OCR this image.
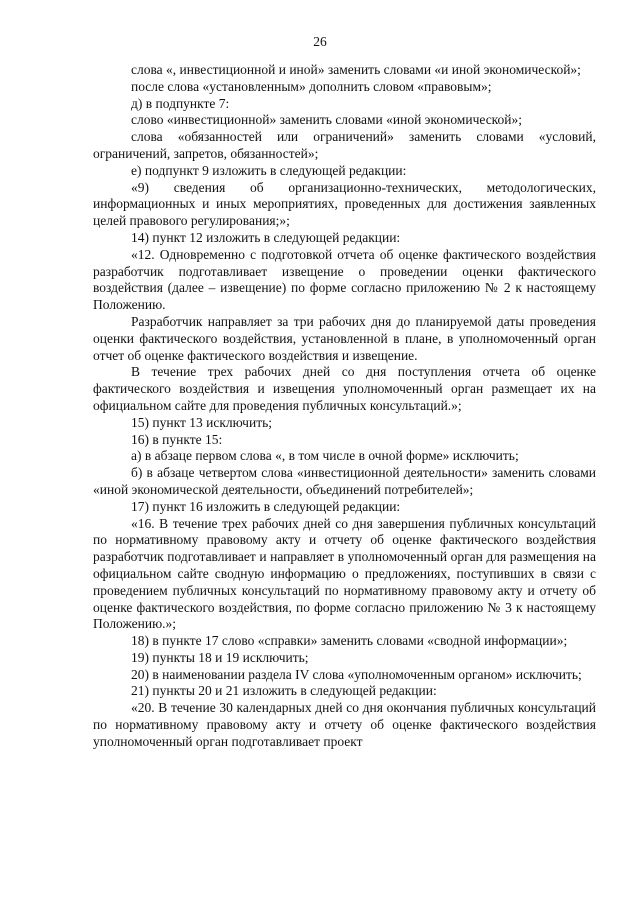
26

слова «, инвестиционной и иной» заменить словами «и иной экономической»;

после слова «установленным» дополнить словом «правовым»;

д) в подпункте 7:

слово «инвестиционной» заменить словами «иной экономической»;

слова «обязанностей или ограничений» заменить словами «условий, ограничений, запретов, обязанностей»;

е) подпункт 9 изложить в следующей редакции:

«9) сведения об организационно-технических, методологических, информационных и иных мероприятиях, проведенных для достижения заявленных целей правового регулирования;»;

14) пункт 12 изложить в следующей редакции:

«12. Одновременно с подготовкой отчета об оценке фактического воздействия разработчик подготавливает извещение о проведении оценки фактического воздействия (далее – извещение) по форме согласно приложению № 2 к настоящему Положению.

Разработчик направляет за три рабочих дня до планируемой даты проведения оценки фактического воздействия, установленной в плане, в уполномоченный орган отчет об оценке фактического воздействия и извещение.

В течение трех рабочих дней со дня поступления отчета об оценке фактического воздействия и извещения уполномоченный орган размещает их на официальном сайте для проведения публичных консультаций.»;

15) пункт 13 исключить;

16) в пункте 15:

а) в абзаце первом слова «, в том числе в очной форме» исключить;

б) в абзаце четвертом слова «инвестиционной деятельности» заменить словами «иной экономической деятельности, объединений потребителей»;

17) пункт 16 изложить в следующей редакции:

«16. В течение трех рабочих дней со дня завершения публичных консультаций по нормативному правовому акту и отчету об оценке фактического воздействия разработчик подготавливает и направляет в уполномоченный орган для размещения на официальном сайте сводную информацию о предложениях, поступивших в связи с проведением публичных консультаций по нормативному правовому акту и отчету об оценке фактического воздействия, по форме согласно приложению № 3 к настоящему Положению.»;

18) в пункте 17 слово «справки» заменить словами «сводной информации»;

19) пункты 18 и 19 исключить;

20) в наименовании раздела IV слова «уполномоченным органом» исключить;

21) пункты 20 и 21 изложить в следующей редакции:

«20. В течение 30 календарных дней со дня окончания публичных консультаций по нормативному правовому акту и отчету об оценке фактического воздействия уполномоченный орган подготавливает проект
